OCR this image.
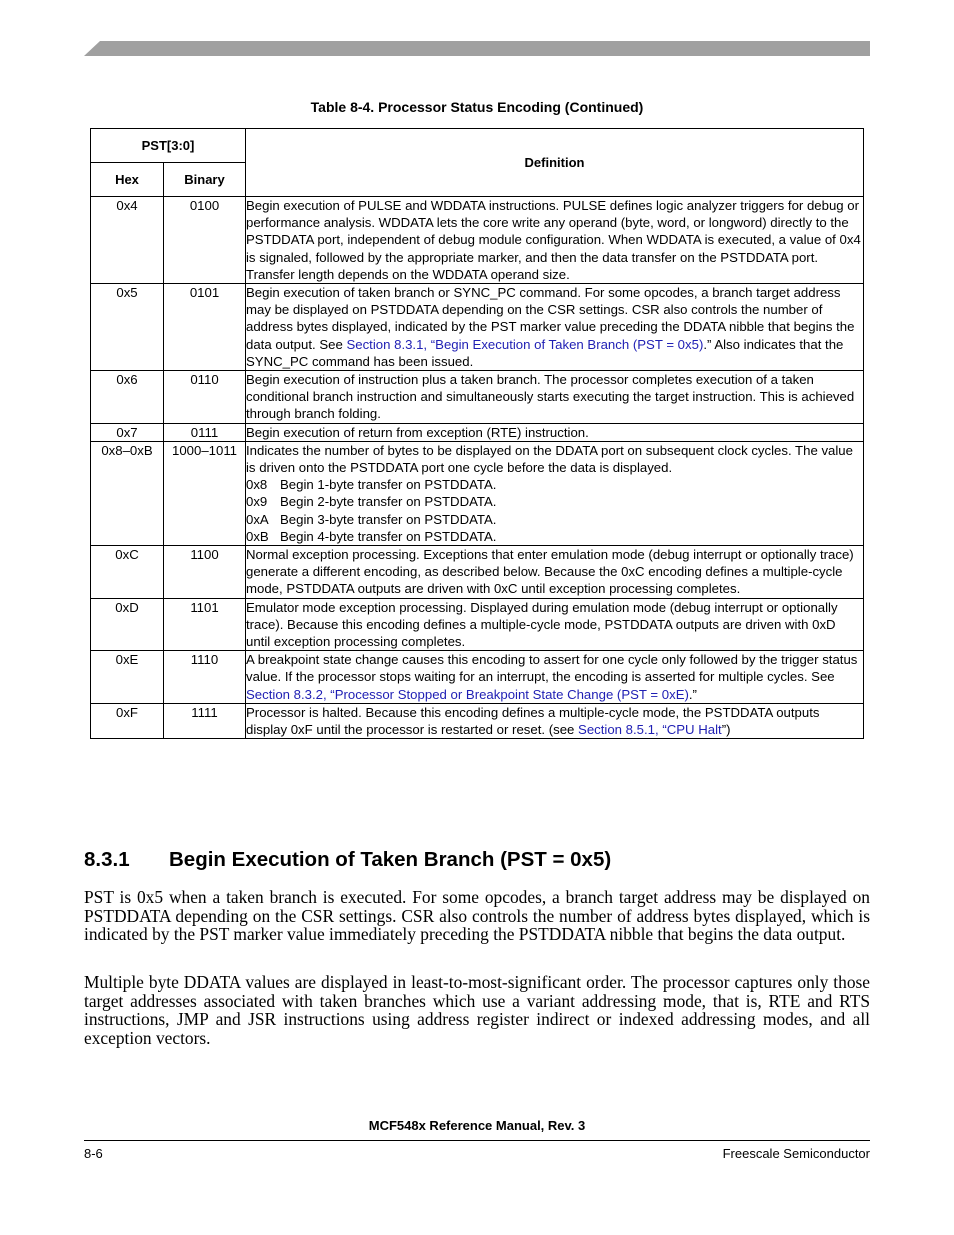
Table 8-4. Processor Status Encoding (Continued)
PST[3:0]		Definition
Hex	Binary	
0x4	0100	Begin execution of PULSE and WDDATA instructions. PULSE defines logic analyzer triggers for debug or performance analysis. WDDATA lets the core write any operand (byte, word, or longword) directly to the PSTDDATA port, independent of debug module configuration. When WDDATA is executed, a value of 0x4 is signaled, followed by the appropriate marker, and then the data transfer on the PSTDDATA port. Transfer length depends on the WDDATA operand size.
0x5	0101	Begin execution of taken branch or SYNC_PC command. For some opcodes, a branch target address may be displayed on PSTDDATA depending on the CSR settings. CSR also controls the number of address bytes displayed, indicated by the PST marker value preceding the DDATA nibble that begins the data output. See Section 8.3.1, “Begin Execution of Taken Branch (PST = 0x5).” Also indicates that the SYNC_PC command has been issued.
0x6	0110	Begin execution of instruction plus a taken branch. The processor completes execution of a taken conditional branch instruction and simultaneously starts executing the target instruction. This is achieved through branch folding.
0x7	0111	Begin execution of return from exception (RTE) instruction.
0x8–0xB	1000–1011	Indicates the number of bytes to be displayed on the DDATA port on subsequent clock cycles. The value is driven onto the PSTDDATA port one cycle before the data is displayed.
0x8 Begin 1-byte transfer on PSTDDATA.
0x9 Begin 2-byte transfer on PSTDDATA.
0xA Begin 3-byte transfer on PSTDDATA.
0xB Begin 4-byte transfer on PSTDDATA.

0xC	1100	Normal exception processing. Exceptions that enter emulation mode (debug interrupt or optionally trace) generate a different encoding, as described below. Because the 0xC encoding defines a multiple-cycle mode, PSTDDATA outputs are driven with 0xC until exception processing completes.
0xD	1101	Emulator mode exception processing. Displayed during emulation mode (debug interrupt or optionally trace). Because this encoding defines a multiple-cycle mode, PSTDDATA outputs are driven with 0xD until exception processing completes.
0xE	1110	A breakpoint state change causes this encoding to assert for one cycle only followed by the trigger status value. If the processor stops waiting for an interrupt, the encoding is asserted for multiple cycles. See Section 8.3.2, “Processor Stopped or Breakpoint State Change (PST = 0xE).”
0xF	1111	Processor is halted. Because this encoding defines a multiple-cycle mode, the PSTDDATA outputs display 0xF until the processor is restarted or reset. (see Section 8.5.1, “CPU Halt”)
8.3.1 Begin Execution of Taken Branch (PST = 0x5)

PST is 0x5 when a taken branch is executed. For some opcodes, a branch target address may be displayed on PSTDDATA depending on the CSR settings. CSR also controls the number of address bytes displayed, which is indicated by the PST marker value immediately preceding the PSTDDATA nibble that begins the data output.

Multiple byte DDATA values are displayed in least-to-most-significant order. The processor captures only those target addresses associated with taken branches which use a variant addressing mode, that is, RTE and RTS instructions, JMP and JSR instructions using address register indirect or indexed addressing modes, and all exception vectors.

MCF548x Reference Manual, Rev. 3
8-6	Freescale Semiconductor
